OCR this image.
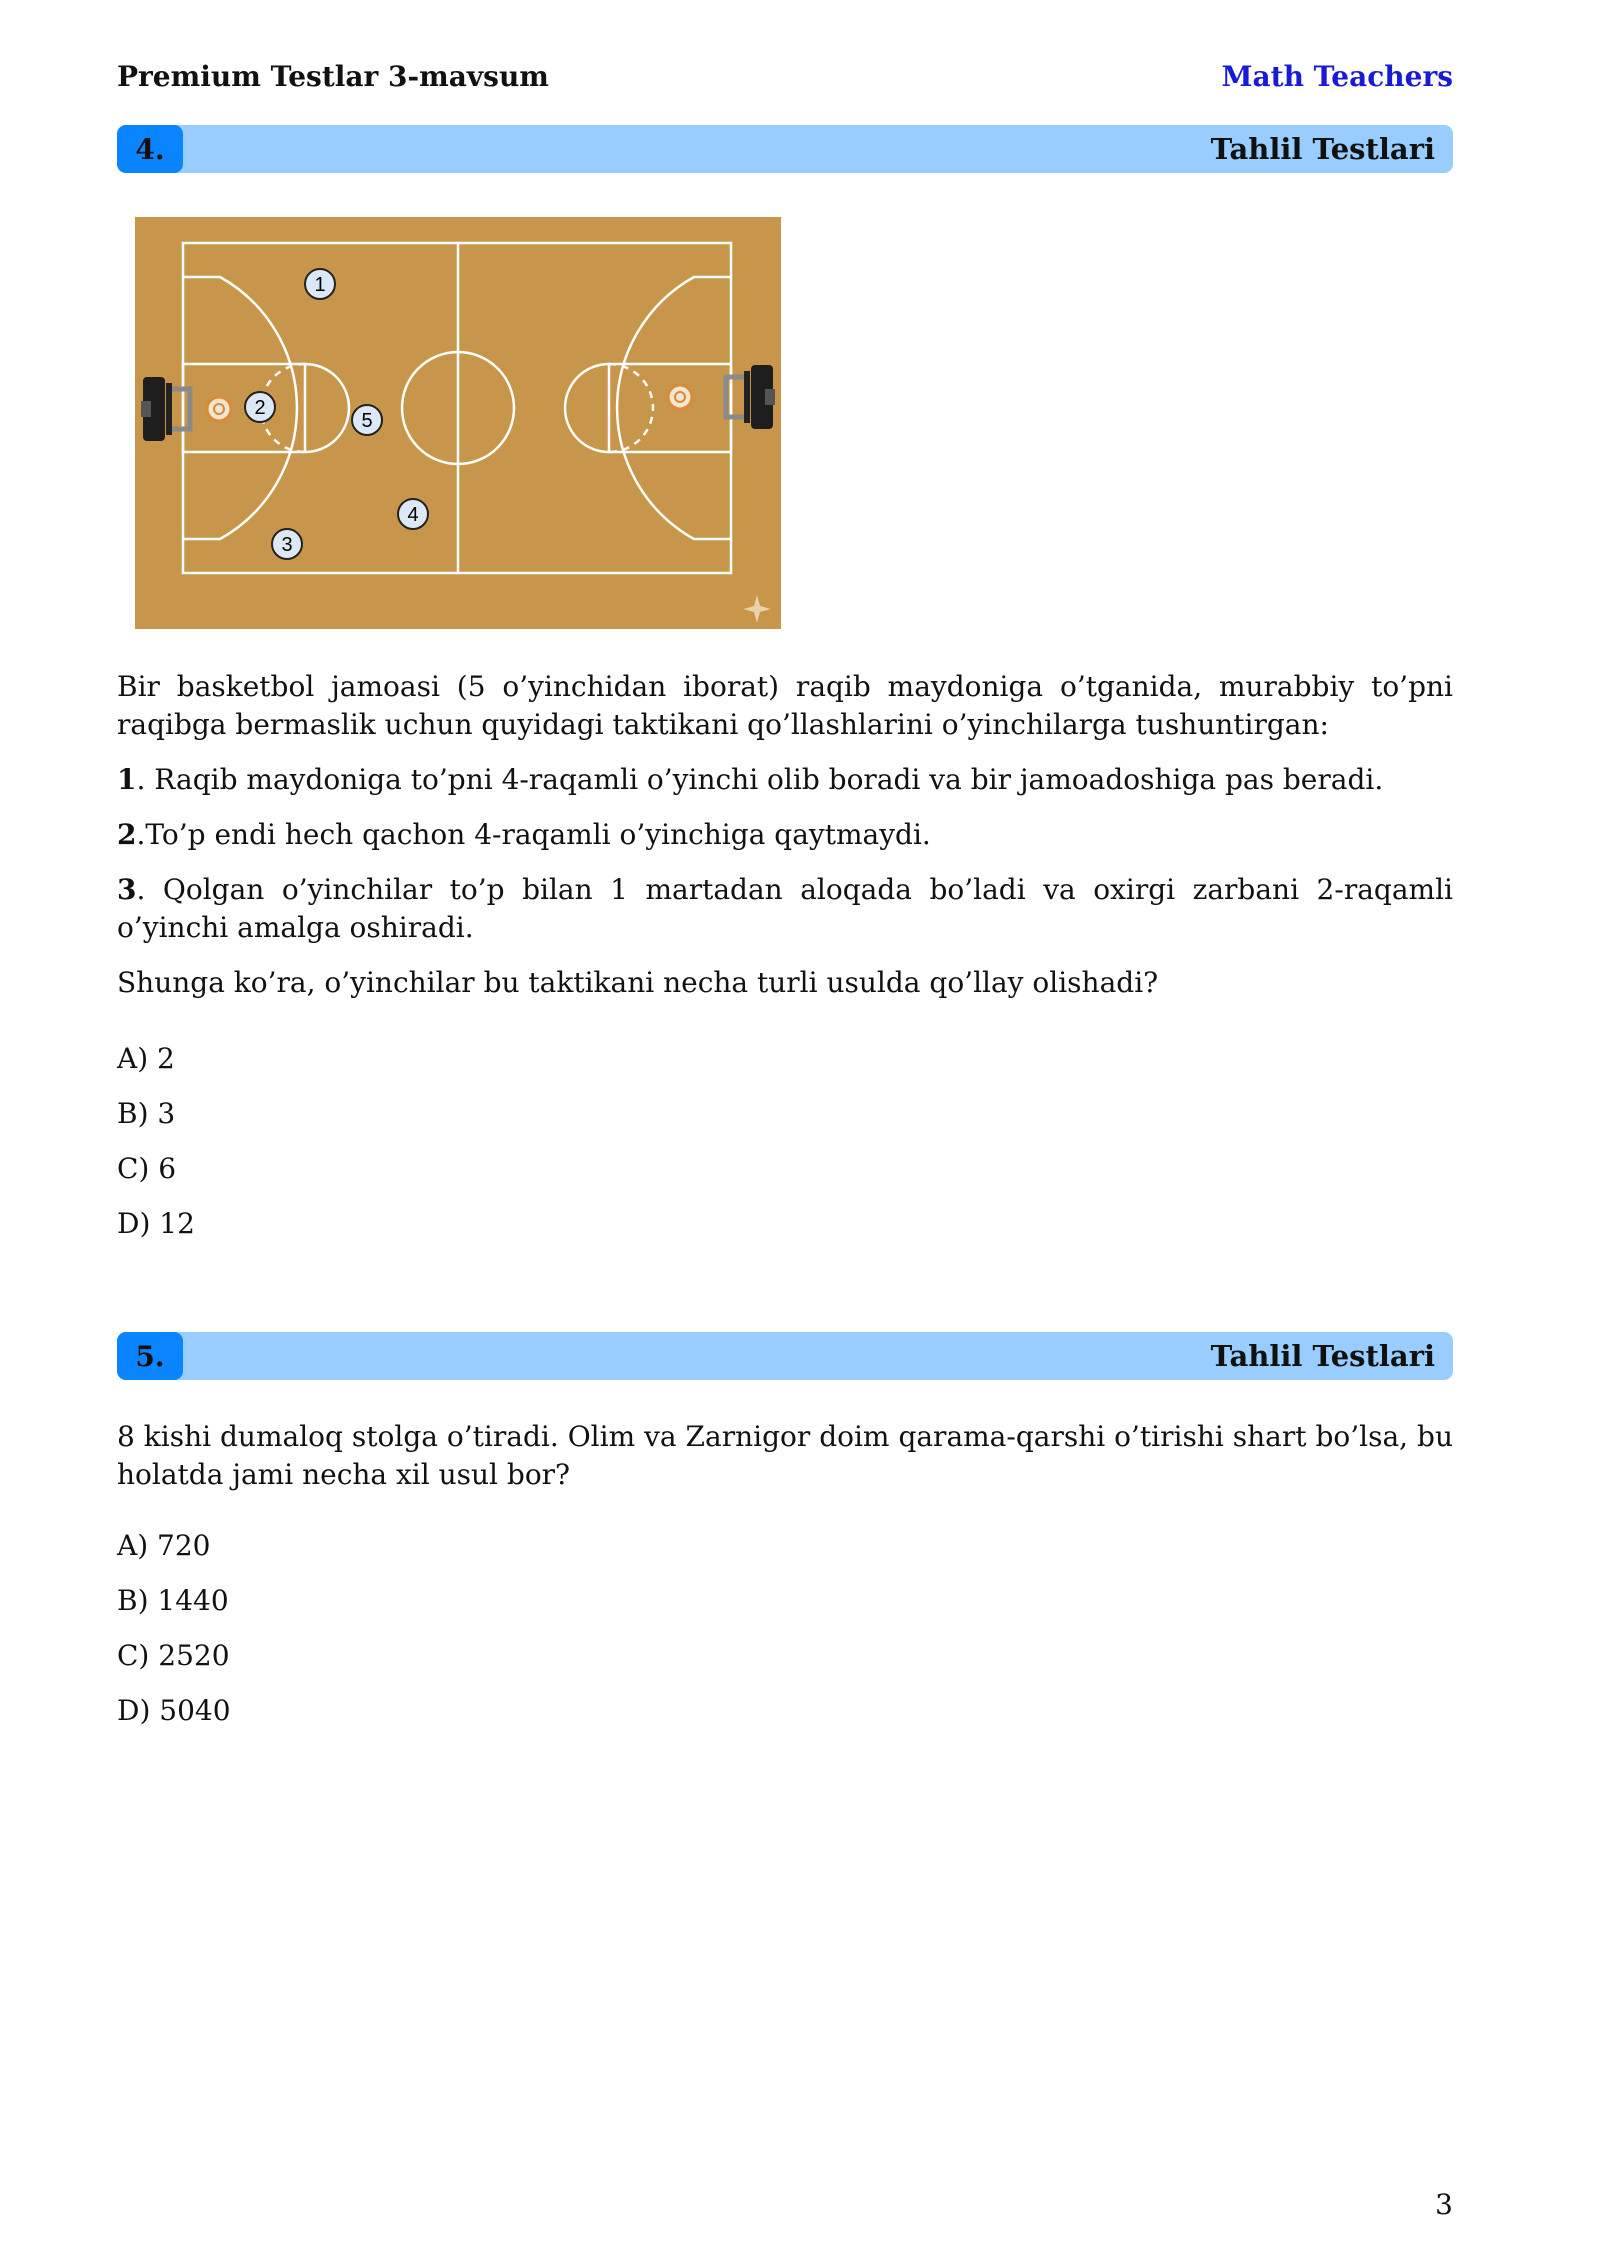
Premium Testlar 3-mavsum	Math Teachers
4.	Tahlil Testlari
1
2
3
4
5

Bir basketbol jamoasi (5 o’yinchidan iborat) raqib maydoniga o’tganida, murabbiy to’pni raqibga bermaslik uchun quyidagi taktikani qo’llashlarini o’yinchilarga tushuntirgan:

1. Raqib maydoniga to’pni 4-raqamli o’yinchi olib boradi va bir jamoadoshiga pas beradi.

2.To’p endi hech qachon 4-raqamli o’yinchiga qaytmaydi.

3. Qolgan o’yinchilar to’p bilan 1 martadan aloqada bo’ladi va oxirgi zarbani 2-raqamli o’yinchi amalga oshiradi.

Shunga ko’ra, o’yinchilar bu taktikani necha turli usulda qo’llay olishadi?

A) 2
B) 3
C) 6
D) 12
5.	Tahlil Testlari

8 kishi dumaloq stolga o’tiradi. Olim va Zarnigor doim qarama-qarshi o’tirishi shart bo’lsa, bu holatda jami necha xil usul bor?

A) 720
B) 1440
C) 2520
D) 5040
3
